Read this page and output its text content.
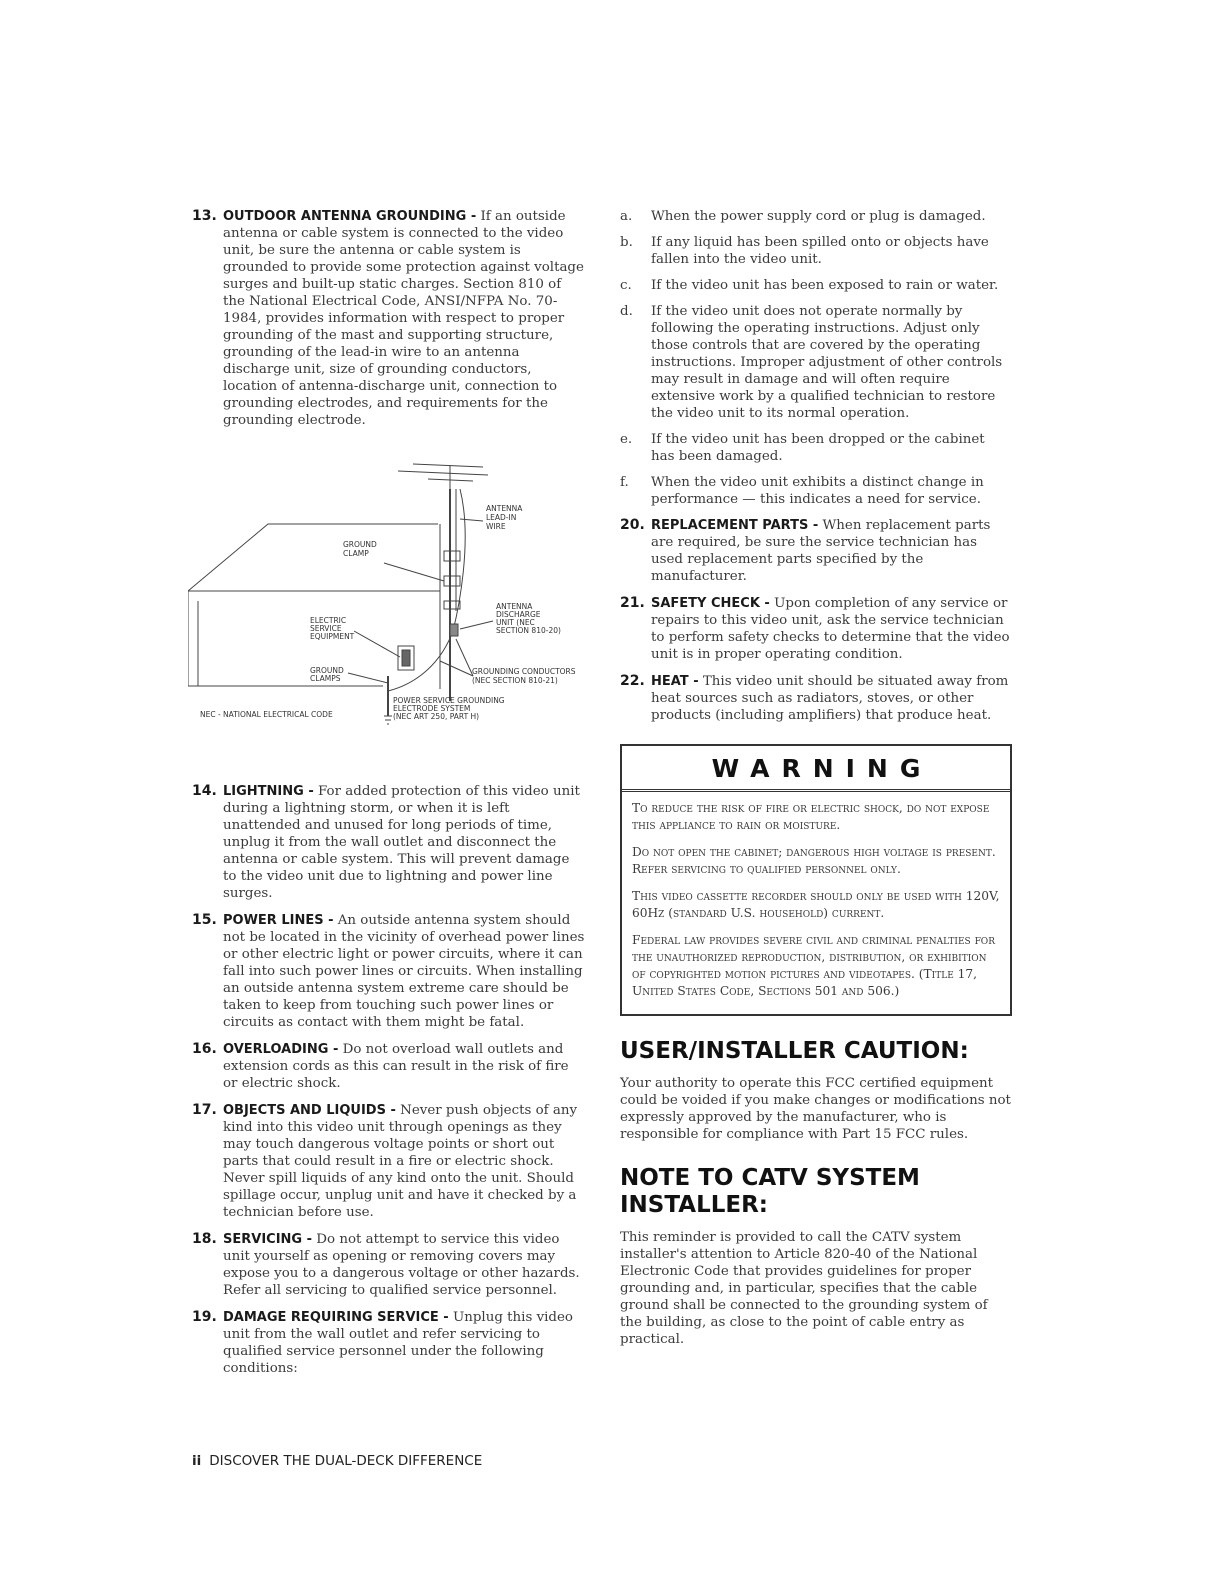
13. OUTDOOR ANTENNA GROUNDING - If an outside antenna or cable system is connected to the video unit, be sure the antenna or cable system is grounded to provide some protection against voltage surges and built-up static charges. Section 810 of the National Electrical Code, ANSI/NFPA No. 70-1984, provides information with respect to proper grounding of the mast and supporting structure, grounding of the lead-in wire to an antenna discharge unit, size of grounding conductors, location of antenna-discharge unit, connection to grounding electrodes, and requirements for the grounding electrode.
ANTENNA LEAD-IN WIRE
GROUND CLAMP
ANTENNA DISCHARGE UNIT (NEC SECTION 810-20)
ELECTRIC SERVICE EQUIPMENT
GROUNDING CONDUCTORS (NEC SECTION 810-21)
GROUND CLAMPS
POWER SERVICE GROUNDING ELECTRODE SYSTEM (NEC ART 250, PART H)
NEC - NATIONAL ELECTRICAL CODE
14. LIGHTNING - For added protection of this video unit during a lightning storm, or when it is left unattended and unused for long periods of time, unplug it from the wall outlet and disconnect the antenna or cable system. This will prevent damage to the video unit due to lightning and power line surges.
15. POWER LINES - An outside antenna system should not be located in the vicinity of overhead power lines or other electric light or power circuits, where it can fall into such power lines or circuits. When installing an outside antenna system extreme care should be taken to keep from touching such power lines or circuits as contact with them might be fatal.
16. OVERLOADING - Do not overload wall outlets and extension cords as this can result in the risk of fire or electric shock.
17. OBJECTS AND LIQUIDS - Never push objects of any kind into this video unit through openings as they may touch dangerous voltage points or short out parts that could result in a fire or electric shock. Never spill liquids of any kind onto the unit. Should spillage occur, unplug unit and have it checked by a technician before use.
18. SERVICING - Do not attempt to service this video unit yourself as opening or removing covers may expose you to a dangerous voltage or other hazards. Refer all servicing to qualified service personnel.
19. DAMAGE REQUIRING SERVICE - Unplug this video unit from the wall outlet and refer servicing to qualified service personnel under the following conditions:
a. When the power supply cord or plug is damaged.
b. If any liquid has been spilled onto or objects have fallen into the video unit.
c. If the video unit has been exposed to rain or water.
d. If the video unit does not operate normally by following the operating instructions. Adjust only those controls that are covered by the operating instructions. Improper adjustment of other controls may result in damage and will often require extensive work by a qualified technician to restore the video unit to its normal operation.
e. If the video unit has been dropped or the cabinet has been damaged.
f. When the video unit exhibits a distinct change in performance — this indicates a need for service.
20. REPLACEMENT PARTS - When replacement parts are required, be sure the service technician has used replacement parts specified by the manufacturer.
21. SAFETY CHECK - Upon completion of any service or repairs to this video unit, ask the service technician to perform safety checks to determine that the video unit is in proper operating condition.
22. HEAT - This video unit should be situated away from heat sources such as radiators, stoves, or other products (including amplifiers) that produce heat.
WARNING

To reduce the risk of fire or electric shock, do not expose this appliance to rain or moisture.

Do not open the cabinet; dangerous high voltage is present. Refer servicing to qualified personnel only.

This video cassette recorder should only be used with 120V, 60Hz (standard U.S. household) current.

Federal law provides severe civil and criminal penalties for the unauthorized reproduction, distribution, or exhibition of copyrighted motion pictures and videotapes. (Title 17, United States Code, Sections 501 and 506.)

USER/INSTALLER CAUTION:

Your authority to operate this FCC certified equipment could be voided if you make changes or modifications not expressly approved by the manufacturer, who is responsible for compliance with Part 15 FCC rules.

NOTE TO CATV SYSTEM
INSTALLER:

This reminder is provided to call the CATV system installer's attention to Article 820-40 of the National Electronic Code that provides guidelines for proper grounding and, in particular, specifies that the cable ground shall be connected to the grounding system of the building, as close to the point of cable entry as practical.

ii DISCOVER THE DUAL-DECK DIFFERENCE
